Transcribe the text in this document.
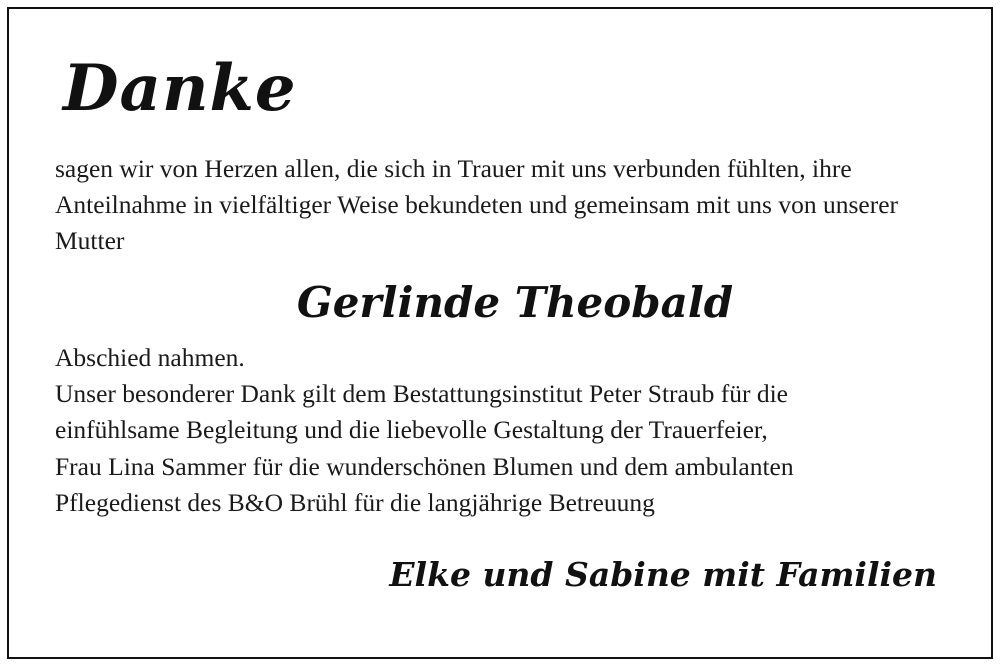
Danke

sagen wir von Herzen allen, die sich in Trauer mit uns verbunden fühlten, ihre Anteilnahme in vielfältiger Weise bekundeten und gemeinsam mit uns von unserer Mutter

Gerlinde Theobald
Abschied nahmen.
Unser besonderer Dank gilt dem Bestattungsinstitut Peter Straub für die
einfühlsame Begleitung und die liebevolle Gestaltung der Trauerfeier,
Frau Lina Sammer für die wunderschönen Blumen und dem ambulanten
Pflegedienst des B&O Brühl für die langjährige Betreuung
Elke und Sabine mit Familien
